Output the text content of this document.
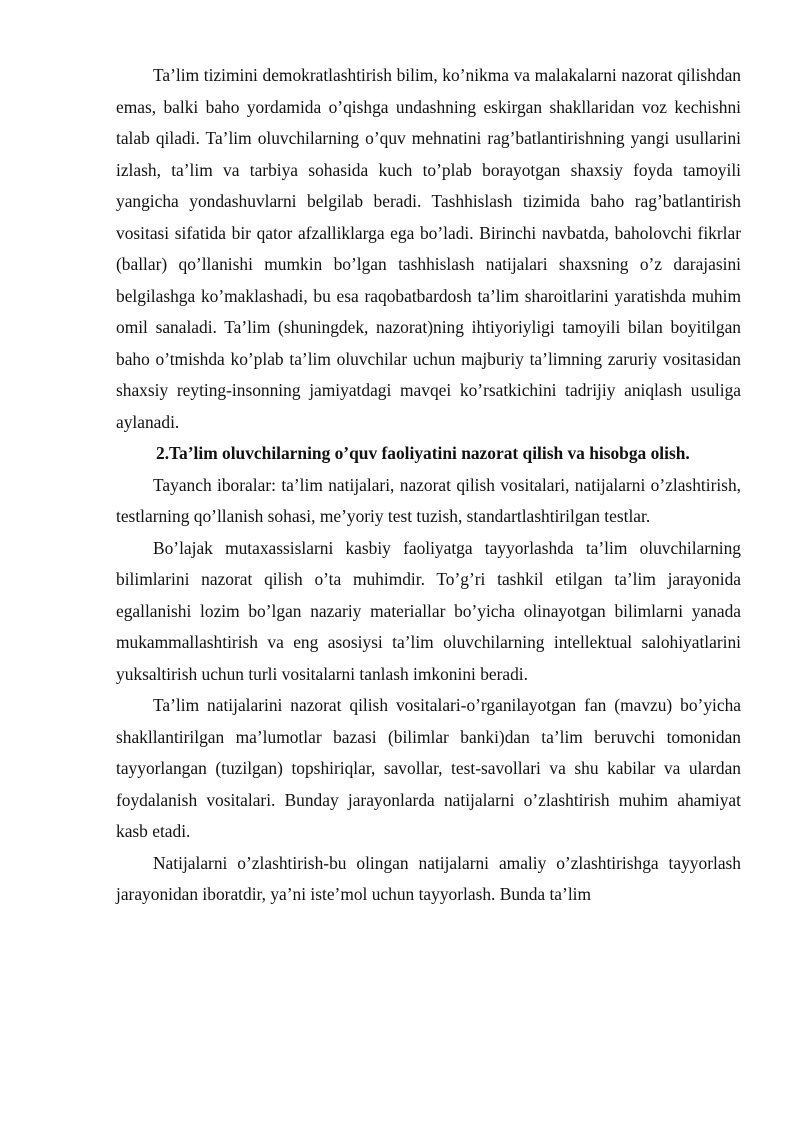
Ta’lim tizimini demokratlashtirish bilim, ko’nikma va malakalarni nazorat qilishdan emas, balki baho yordamida o’qishga undashning eskirgan shakllaridan voz kechishni talab qiladi. Ta’lim oluvchilarning o’quv mehnatini rag’batlantirishning yangi usullarini izlash, ta’lim va tarbiya sohasida kuch to’plab borayotgan shaxsiy foyda tamoyili yangicha yondashuvlarni belgilab beradi. Tashhislash tizimida baho rag’batlantirish vositasi sifatida bir qator afzalliklarga ega bo’ladi. Birinchi navbatda, baholovchi fikrlar (ballar) qo’llanishi mumkin bo’lgan tashhislash natijalari shaxsning o’z darajasini belgilashga ko’maklashadi, bu esa raqobatbardosh ta’lim sharoitlarini yaratishda muhim omil sanaladi. Ta’lim (shuningdek, nazorat)ning ihtiyoriyligi tamoyili bilan boyitilgan baho o’tmishda ko’plab ta’lim oluvchilar uchun majburiy ta’limning zaruriy vositasidan shaxsiy reyting-insonning jamiyatdagi mavqei ko’rsatkichini tadrijiy aniqlash usuliga aylanadi.

2.Ta’lim oluvchilarning o’quv faoliyatini nazorat qilish va hisobga olish.

Tayanch iboralar: ta’lim natijalari, nazorat qilish vositalari, natijalarni o’zlashtirish, testlarning qo’llanish sohasi, me’yoriy test tuzish, standartlashtirilgan testlar.

Bo’lajak mutaxassislarni kasbiy faoliyatga tayyorlashda ta’lim oluvchilarning bilimlarini nazorat qilish o’ta muhimdir. To’g’ri tashkil etilgan ta’lim jarayonida egallanishi lozim bo’lgan nazariy materiallar bo’yicha olinayotgan bilimlarni yanada mukammallashtirish va eng asosiysi ta’lim oluvchilarning intellektual salohiyatlarini yuksaltirish uchun turli vositalarni tanlash imkonini beradi.

Ta’lim natijalarini nazorat qilish vositalari-o’rganilayotgan fan (mavzu) bo’yicha shakllantirilgan ma’lumotlar bazasi (bilimlar banki)dan ta’lim beruvchi tomonidan tayyorlangan (tuzilgan) topshiriqlar, savollar, test-savollari va shu kabilar va ulardan foydalanish vositalari. Bunday jarayonlarda natijalarni o’zlashtirish muhim ahamiyat kasb etadi.

Natijalarni o’zlashtirish-bu olingan natijalarni amaliy o’zlashtirishga tayyorlash jarayonidan iboratdir, ya’ni iste’mol uchun tayyorlash. Bunda ta’lim
